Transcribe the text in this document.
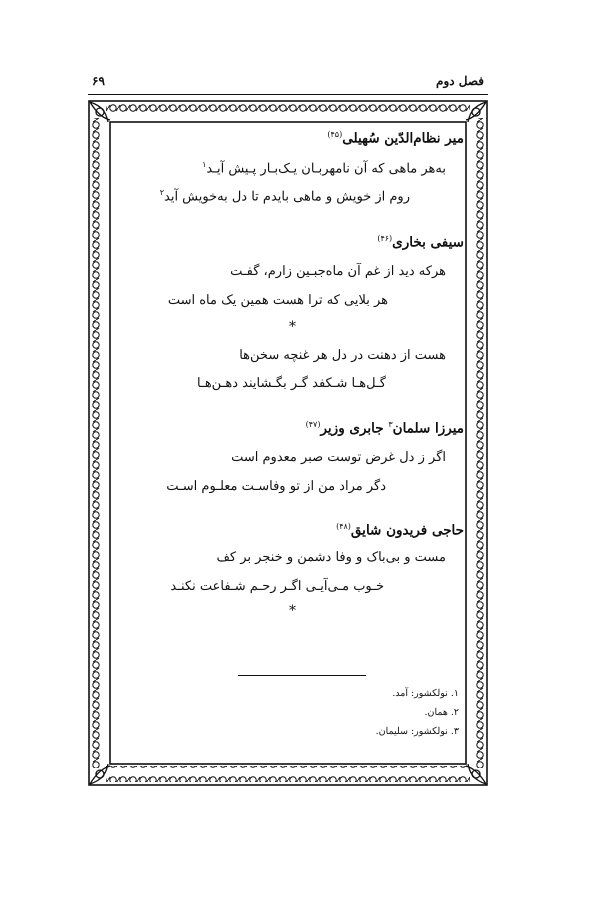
۶۹	فصل دوم

میر نظام‌الدّین سُهیلی$^{(۴۵)}$

به‌هر ماهی که آن نامهربـان یـک‌بـار پـیش آیـد$^۱$
روم از خویش و ماهی بایدم تا دل به‌خویش آید$^۲$

سیفی بخاری$^{(۴۶)}$

هرکه دید از غم آن ماه‌جبـین زارم، گفـت
هر بلایی که ترا هست همین یک ماه است
*
هست از دهنت در دل هر غنچه سخن‌ها
گـل‌هـا شـکفد گـر بگـشایند دهـن‌هـا

میرزا سلمان$^۳$ جابری وزیر$^{(۴۷)}$

اگر ز دل غرض توست صبر معدوم است
دگر مراد من از تو وفاسـت معلـوم اسـت

حاجی فریدون شایق$^{(۴۸)}$

مست و بی‌باک و وفا دشمن و خنجر بر کف
خـوب مـی‌آیـی اگـر رحـم شـفاعت نکنـد
*
۱. نولکشور: آمد.
۲. همان.
۳. نولکشور: سلیمان.
